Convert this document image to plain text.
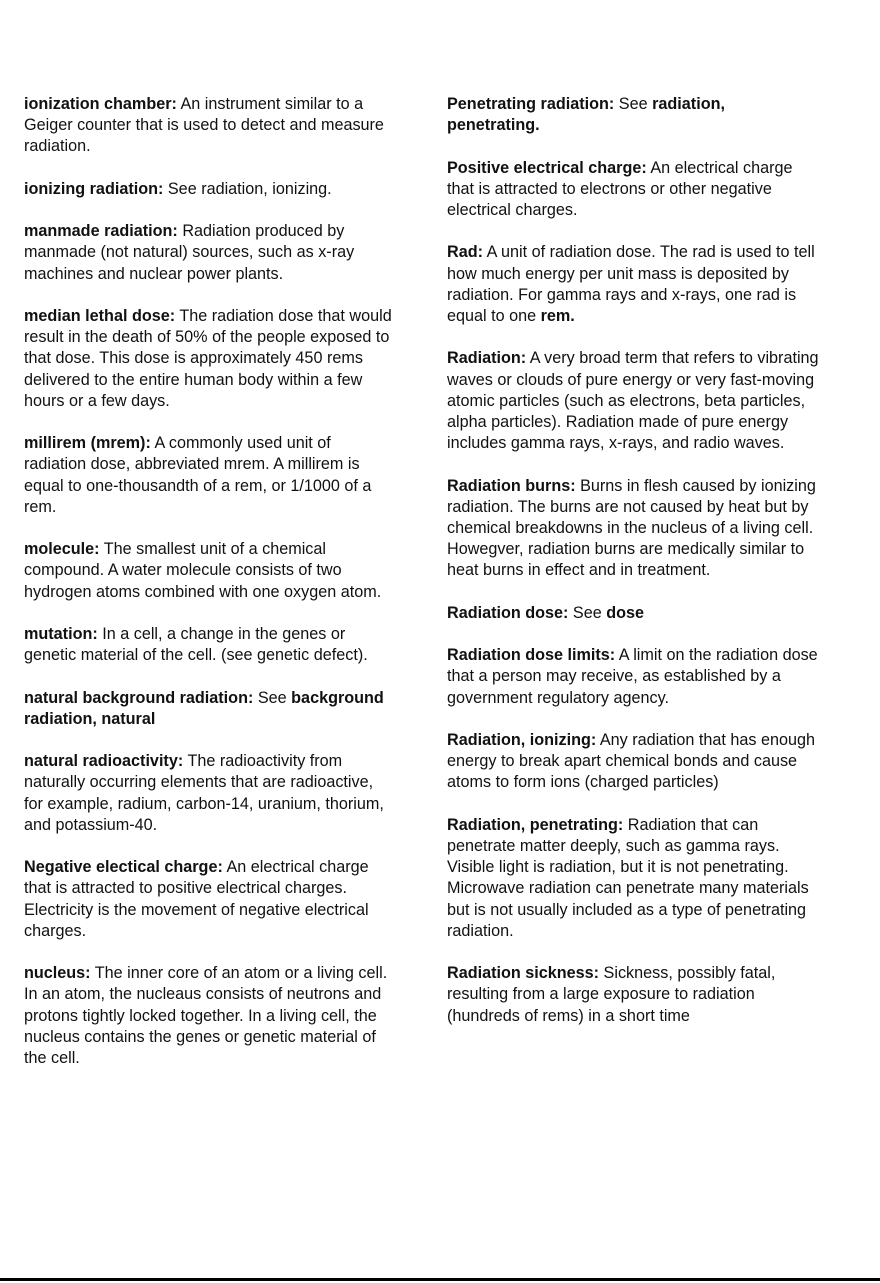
ionization chamber: An instrument similar to a Geiger counter that is used to detect and measure radiation.

ionizing radiation: See radiation, ionizing.

manmade radiation: Radiation produced by manmade (not natural) sources, such as x-ray machines and nuclear power plants.

median lethal dose: The radiation dose that would result in the death of 50% of the people exposed to that dose. This dose is approximately 450 rems delivered to the entire human body within a few hours or a few days.

millirem (mrem): A commonly used unit of radiation dose, abbreviated mrem. A millirem is equal to one-thousandth of a rem, or 1/1000 of a rem.

molecule: The smallest unit of a chemical compound. A water molecule consists of two hydrogen atoms combined with one oxygen atom.

mutation: In a cell, a change in the genes or genetic material of the cell. (see genetic defect).

natural background radiation: See background radiation, natural

natural radioactivity: The radioactivity from naturally occurring elements that are radioactive, for example, radium, carbon-14, uranium, thorium, and potassium-40.

Negative electical charge: An electrical charge that is attracted to positive electrical charges. Electricity is the movement of negative electrical charges.

nucleus: The inner core of an atom or a living cell. In an atom, the nucleaus consists of neutrons and protons tightly locked together. In a living cell, the nucleus contains the genes or genetic material of the cell.

Penetrating radiation: See radiation, penetrating.

Positive electrical charge: An electrical charge that is attracted to electrons or other negative electrical charges.

Rad: A unit of radiation dose. The rad is used to tell how much energy per unit mass is deposited by radiation. For gamma rays and x-rays, one rad is equal to one rem.

Radiation: A very broad term that refers to vibrating waves or clouds of pure energy or very fast-moving atomic particles (such as electrons, beta particles, alpha particles). Radiation made of pure energy includes gamma rays, x-rays, and radio waves.

Radiation burns: Burns in flesh caused by ionizing radiation. The burns are not caused by heat but by chemical breakdowns in the nucleus of a living cell. Howegver, radiation burns are medically similar to heat burns in effect and in treatment.

Radiation dose: See dose

Radiation dose limits: A limit on the radiation dose that a person may receive, as established by a government regulatory agency.

Radiation, ionizing: Any radiation that has enough energy to break apart chemical bonds and cause atoms to form ions (charged particles)

Radiation, penetrating: Radiation that can penetrate matter deeply, such as gamma rays. Visible light is radiation, but it is not penetrating. Microwave radiation can penetrate many materials but is not usually included as a type of penetrating radiation.

Radiation sickness: Sickness, possibly fatal, resulting from a large exposure to radiation (hundreds of rems) in a short time
